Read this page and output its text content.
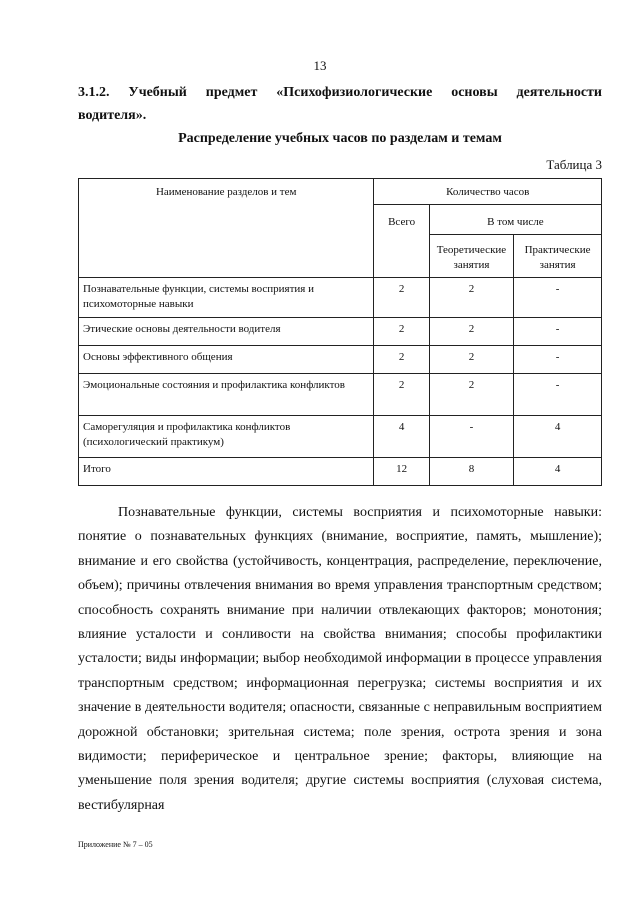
13
3.1.2. Учебный предмет «Психофизиологические основы деятельности
водителя».
Распределение учебных часов по разделам и темам
Таблица 3
Наименование разделов и тем	Количество часов		
	Всего	В том числе	
		Теоретические занятия	Практические занятия
Познавательные функции, системы восприятия и психомоторные навыки	2	2	-
Этические основы деятельности водителя	2	2	-
Основы эффективного общения	2	2	-
Эмоциональные состояния и профилактика конфликтов	2	2	-
Саморегуляция и профилактика конфликтов (психологический практикум)	4	-	4
Итого	12	8	4

Познавательные функции, системы восприятия и психомоторные навыки: понятие о познавательных функциях (внимание, восприятие, память, мышление); внимание и его свойства (устойчивость, концентрация, распределение, переключение, объем); причины отвлечения внимания во время управления транспортным средством; способность сохранять внимание при наличии отвлекающих факторов; монотония; влияние усталости и сонливости на свойства внимания; способы профилактики усталости; виды информации; выбор необходимой информации в процессе управления транспортным средством; информационная перегрузка; системы восприятия и их значение в деятельности водителя; опасности, связанные с неправильным восприятием дорожной обстановки; зрительная система; поле зрения, острота зрения и зона видимости; периферическое и центральное зрение; факторы, влияющие на уменьшение поля зрения водителя; другие системы восприятия (слуховая система, вестибулярная

Приложение № 7 – 05
